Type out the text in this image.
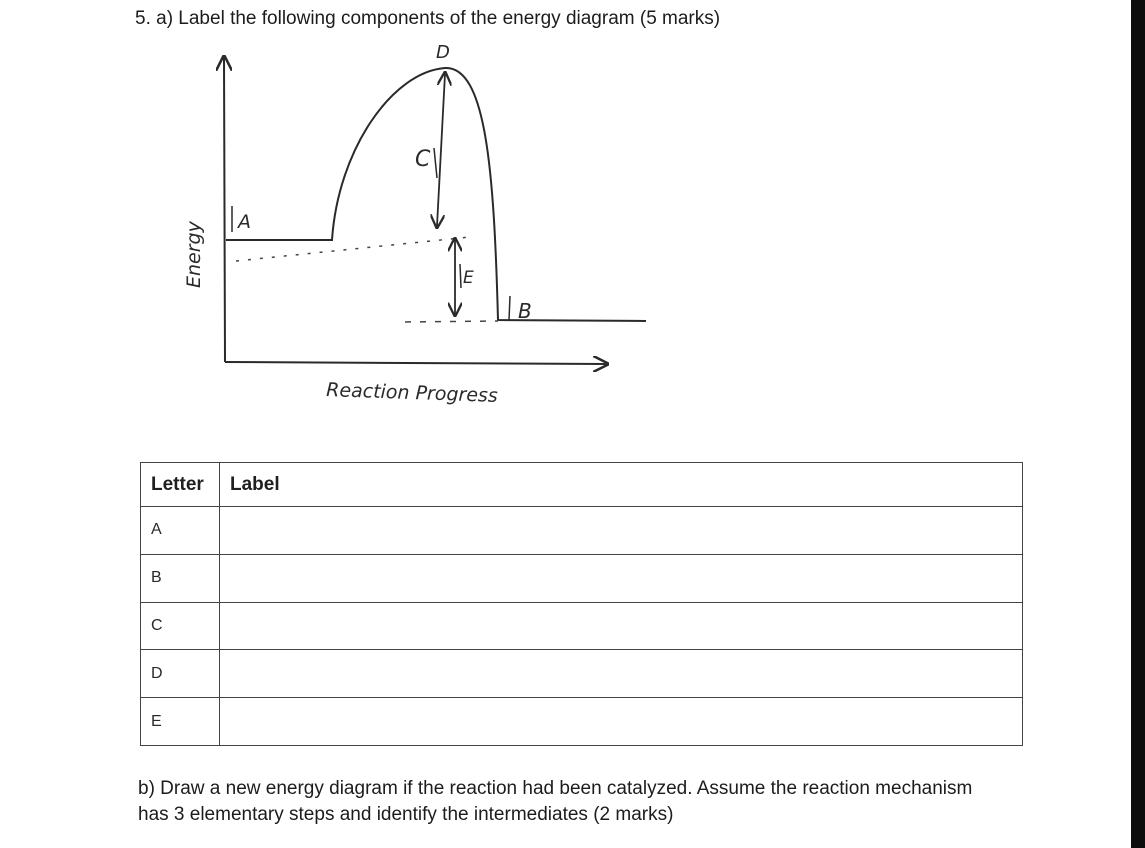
5. a) Label the following components of the energy diagram (5 marks)
D
C
A
E
B
Energy
Reaction Progress
Letter	Label
A	
B	
C	
D	
E	
b) Draw a new energy diagram if the reaction had been catalyzed. Assume the reaction mechanism has 3 elementary steps and identify the intermediates (2 marks)
